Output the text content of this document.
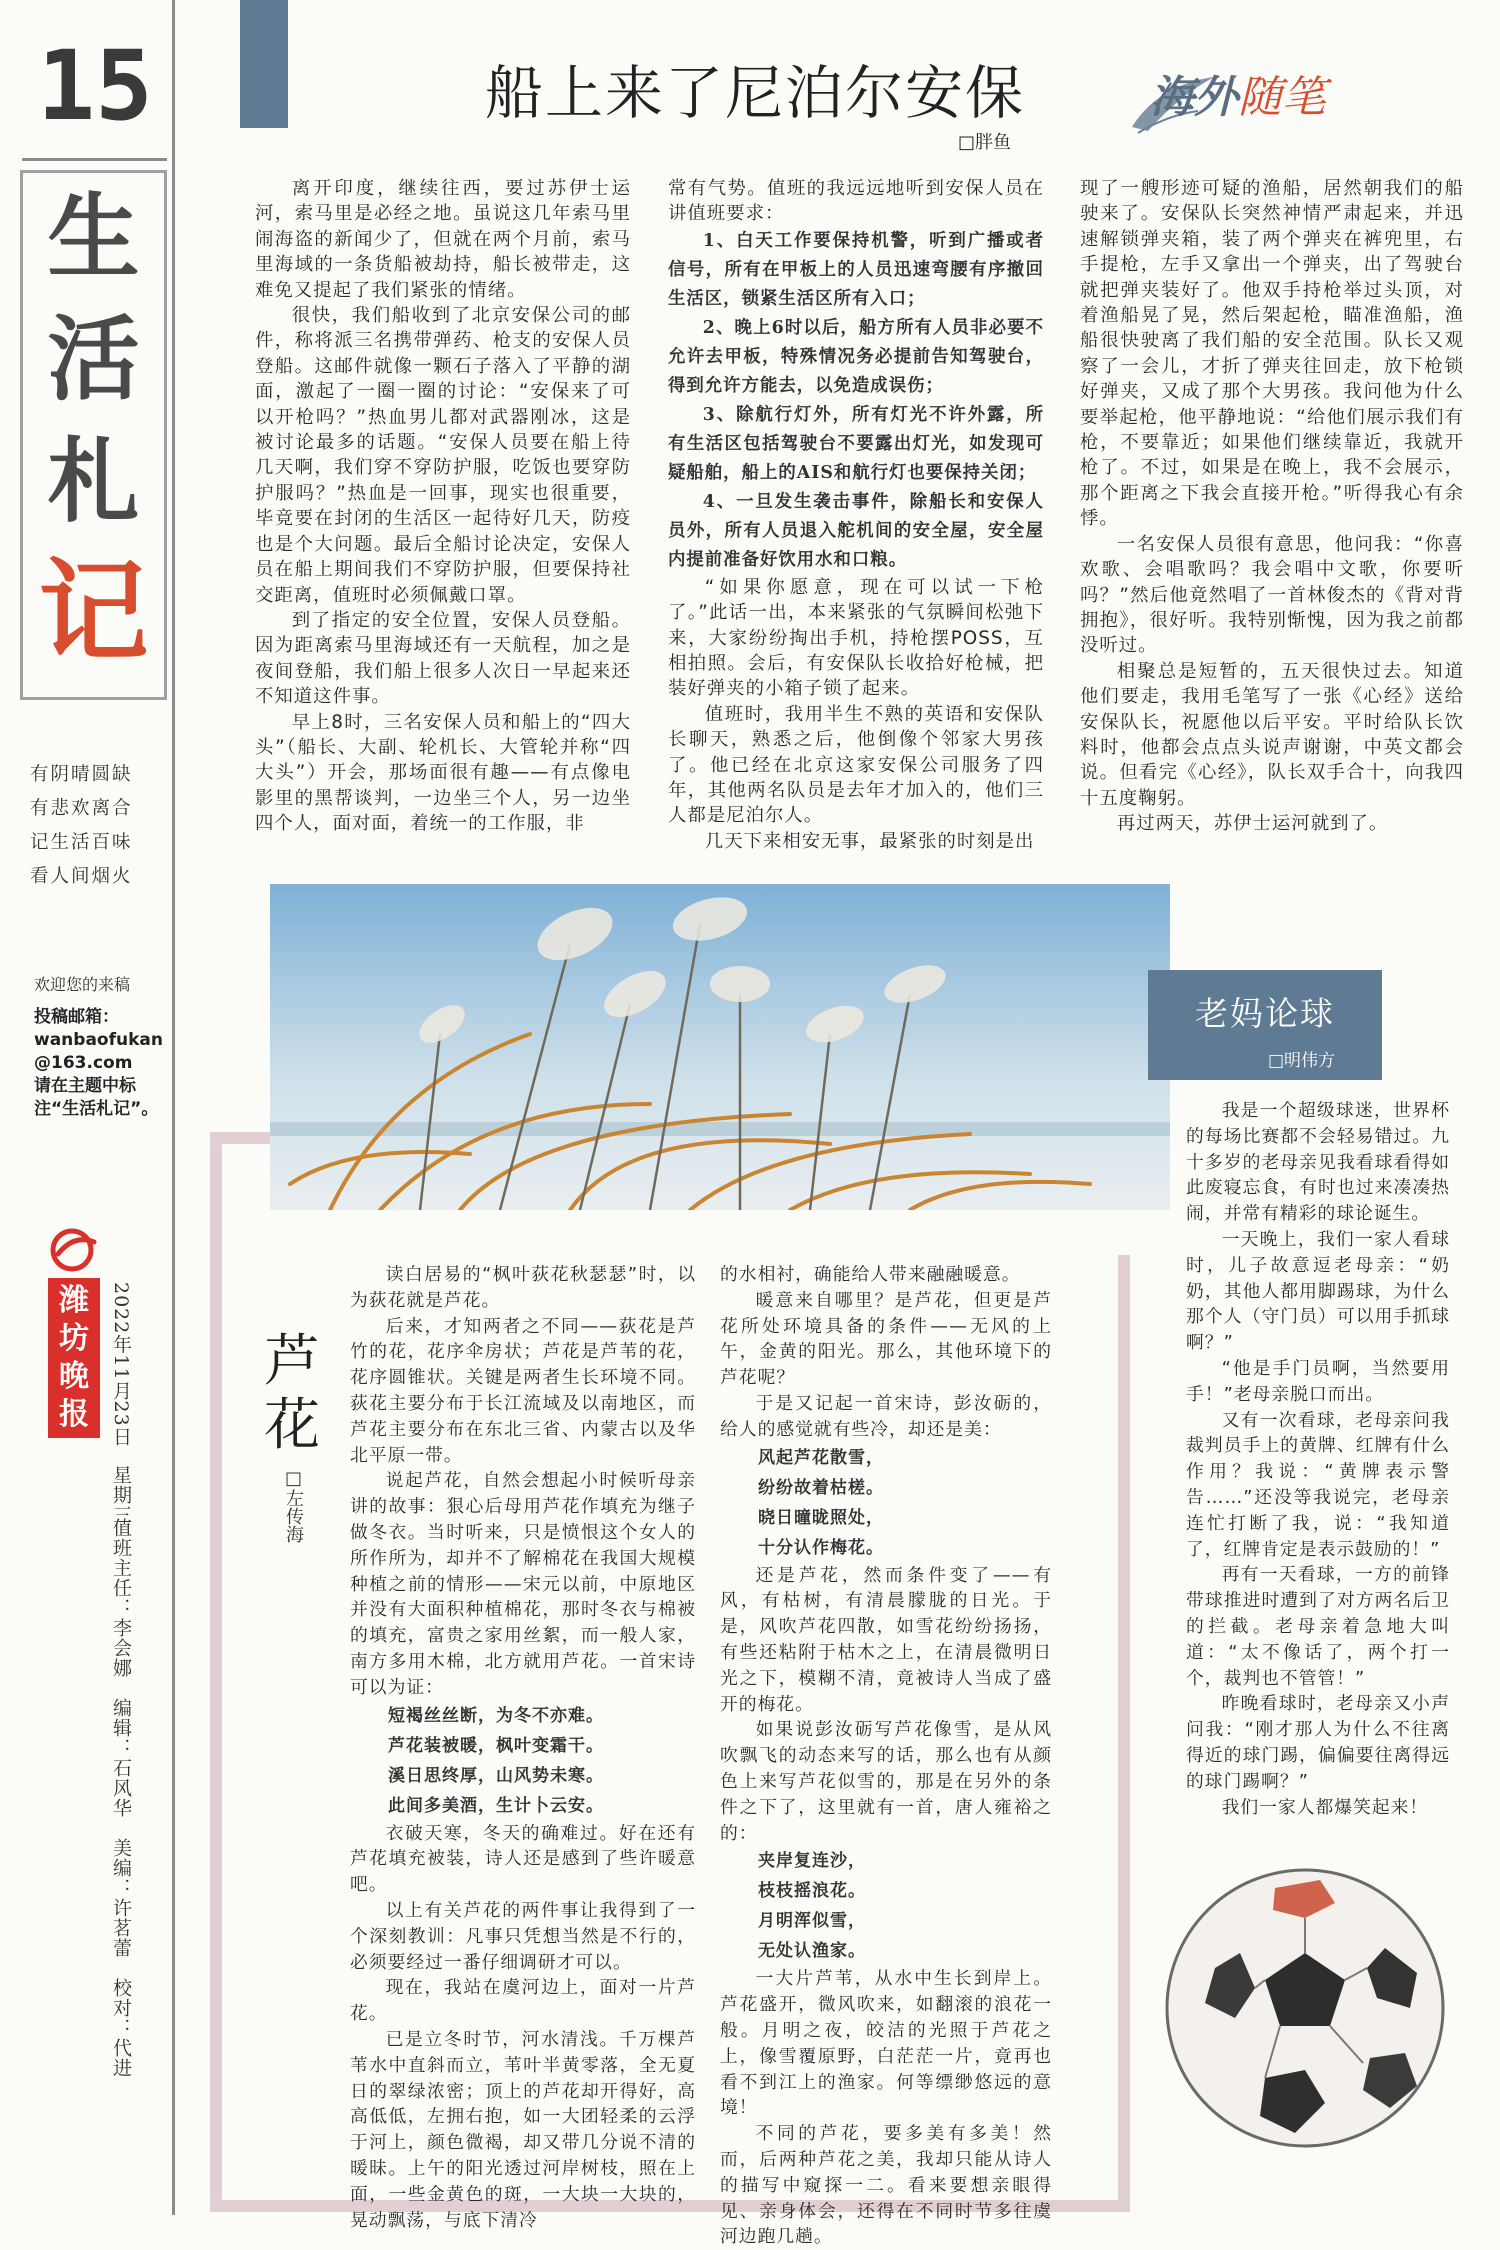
15
生
活
札
记
有阴晴圆缺
有悲欢离合
记生活百味
看人间烟火
欢迎您的来稿
投稿邮箱：
wanbaofukan
@163.com
请在主题中标注“生活札记”。
潍坊晚报	2022年11月23日星期三
值班主任：李会娜　编辑：石风华　美编：许茗蕾　校对：代进
船上来了尼泊尔安保
□胖鱼
海外随笔

离开印度，继续往西，要过苏伊士运河，索马里是必经之地。虽说这几年索马里闹海盗的新闻少了，但就在两个月前，索马里海域的一条货船被劫持，船长被带走，这难免又提起了我们紧张的情绪。

很快，我们船收到了北京安保公司的邮件，称将派三名携带弹药、枪支的安保人员登船。这邮件就像一颗石子落入了平静的湖面，激起了一圈一圈的讨论：“安保来了可以开枪吗？”热血男儿都对武器刚冰，这是被讨论最多的话题。“安保人员要在船上待几天啊，我们穿不穿防护服，吃饭也要穿防护服吗？”热血是一回事，现实也很重要，毕竟要在封闭的生活区一起待好几天，防疫也是个大问题。最后全船讨论决定，安保人员在船上期间我们不穿防护服，但要保持社交距离，值班时必须佩戴口罩。

到了指定的安全位置，安保人员登船。因为距离索马里海域还有一天航程，加之是夜间登船，我们船上很多人次日一早起来还不知道这件事。

早上8时，三名安保人员和船上的“四大头”（船长、大副、轮机长、大管轮并称“四大头”）开会，那场面很有趣——有点像电影里的黑帮谈判，一边坐三个人，另一边坐四个人，面对面，着统一的工作服，非

常有气势。值班的我远远地听到安保人员在讲值班要求：

1、白天工作要保持机警，听到广播或者信号，所有在甲板上的人员迅速弯腰有序撤回生活区，锁紧生活区所有入口；

2、晚上6时以后，船方所有人员非必要不允许去甲板，特殊情况务必提前告知驾驶台，得到允许方能去，以免造成误伤；

3、除航行灯外，所有灯光不许外露，所有生活区包括驾驶台不要露出灯光，如发现可疑船舶，船上的AIS和航行灯也要保持关闭；

4、一旦发生袭击事件，除船长和安保人员外，所有人员退入舵机间的安全屋，安全屋内提前准备好饮用水和口粮。

“如果你愿意，现在可以试一下枪了。”此话一出，本来紧张的气氛瞬间松弛下来，大家纷纷掏出手机，持枪摆POSS，互相拍照。会后，有安保队长收拾好枪械，把装好弹夹的小箱子锁了起来。

值班时，我用半生不熟的英语和安保队长聊天，熟悉之后，他倒像个邻家大男孩了。他已经在北京这家安保公司服务了四年，其他两名队员是去年才加入的，他们三人都是尼泊尔人。

几天下来相安无事，最紧张的时刻是出

现了一艘形迹可疑的渔船，居然朝我们的船驶来了。安保队长突然神情严肃起来，并迅速解锁弹夹箱，装了两个弹夹在裤兜里，右手提枪，左手又拿出一个弹夹，出了驾驶台就把弹夹装好了。他双手持枪举过头顶，对着渔船晃了晃，然后架起枪，瞄准渔船，渔船很快驶离了我们船的安全范围。队长又观察了一会儿，才折了弹夹往回走，放下枪锁好弹夹，又成了那个大男孩。我问他为什么要举起枪，他平静地说：“给他们展示我们有枪，不要靠近；如果他们继续靠近，我就开枪了。不过，如果是在晚上，我不会展示，那个距离之下我会直接开枪。”听得我心有余悸。

一名安保人员很有意思，他问我：“你喜欢歌、会唱歌吗？我会唱中文歌，你要听吗？”然后他竟然唱了一首林俊杰的《背对背拥抱》，很好听。我特别惭愧，因为我之前都没听过。

相聚总是短暂的，五天很快过去。知道他们要走，我用毛笔写了一张《心经》送给安保队长，祝愿他以后平安。平时给队长饮料时，他都会点点头说声谢谢，中英文都会说。但看完《心经》，队长双手合十，向我四十五度鞠躬。

再过两天，苏伊士运河就到了。

芦花
□左传海

读白居易的“枫叶荻花秋瑟瑟”时，以为荻花就是芦花。

后来，才知两者之不同——荻花是芦竹的花，花序伞房状；芦花是芦苇的花，花序圆锥状。关键是两者生长环境不同。荻花主要分布于长江流域及以南地区，而芦花主要分布在东北三省、内蒙古以及华北平原一带。

说起芦花，自然会想起小时候听母亲讲的故事：狠心后母用芦花作填充为继子做冬衣。当时听来，只是愤恨这个女人的所作所为，却并不了解棉花在我国大规模种植之前的情形——宋元以前，中原地区并没有大面积种植棉花，那时冬衣与棉被的填充，富贵之家用丝絮，而一般人家，南方多用木棉，北方就用芦花。一首宋诗可以为证：

短褐丝丝断，为冬不亦难。
芦花装被暖，枫叶变霜干。
溪日思终厚，山风势未寒。
此间多美酒，生计卜云安。

衣破天寒，冬天的确难过。好在还有芦花填充被装，诗人还是感到了些许暖意吧。

以上有关芦花的两件事让我得到了一个深刻教训：凡事只凭想当然是不行的，必须要经过一番仔细调研才可以。

现在，我站在虞河边上，面对一片芦花。

已是立冬时节，河水清浅。千万棵芦苇水中直斜而立，苇叶半黄零落，全无夏日的翠绿浓密；顶上的芦花却开得好，高高低低，左拥右抱，如一大团轻柔的云浮于河上，颜色微褐，却又带几分说不清的暖昧。上午的阳光透过河岸树枝，照在上面，一些金黄色的斑，一大块一大块的，晃动飘荡，与底下清冷

的水相衬，确能给人带来融融暖意。

暖意来自哪里？是芦花，但更是芦花所处环境具备的条件——无风的上午，金黄的阳光。那么，其他环境下的芦花呢？

于是又记起一首宋诗，彭汝砺的，给人的感觉就有些冷，却还是美：

风起芦花散雪，
纷纷故着枯槎。
晓日曈昽照处，
十分认作梅花。

还是芦花，然而条件变了——有风，有枯树，有清晨朦胧的日光。于是，风吹芦花四散，如雪花纷纷扬扬，有些还粘附于枯木之上，在清晨微明日光之下，模糊不清，竟被诗人当成了盛开的梅花。

如果说彭汝砺写芦花像雪，是从风吹飘飞的动态来写的话，那么也有从颜色上来写芦花似雪的，那是在另外的条件之下了，这里就有一首，唐人雍裕之的：

夹岸复连沙，
枝枝摇浪花。
月明浑似雪，
无处认渔家。

一大片芦苇，从水中生长到岸上。芦花盛开，微风吹来，如翻滚的浪花一般。月明之夜，皎洁的光照于芦花之上，像雪覆原野，白茫茫一片，竟再也看不到江上的渔家。何等缥缈悠远的意境！

不同的芦花，要多美有多美！然而，后两种芦花之美，我却只能从诗人的描写中窥探一二。看来要想亲眼得见、亲身体会，还得在不同时节多往虞河边跑几趟。

老妈论球
□明伟方

我是一个超级球迷，世界杯的每场比赛都不会轻易错过。九十多岁的老母亲见我看球看得如此废寝忘食，有时也过来凑凑热闹，并常有精彩的球论诞生。

一天晚上，我们一家人看球时，儿子故意逗老母亲：“奶奶，其他人都用脚踢球，为什么那个人（守门员）可以用手抓球啊？”

“他是手门员啊，当然要用手！”老母亲脱口而出。

又有一次看球，老母亲问我裁判员手上的黄牌、红牌有什么作用？我说：“黄牌表示警告……”还没等我说完，老母亲连忙打断了我，说：“我知道了，红牌肯定是表示鼓励的！”

再有一天看球，一方的前锋带球推进时遭到了对方两名后卫的拦截。老母亲着急地大叫道：“太不像话了，两个打一个，裁判也不管管！”

昨晚看球时，老母亲又小声问我：“刚才那人为什么不往离得近的球门踢，偏偏要往离得远的球门踢啊？”

我们一家人都爆笑起来！
